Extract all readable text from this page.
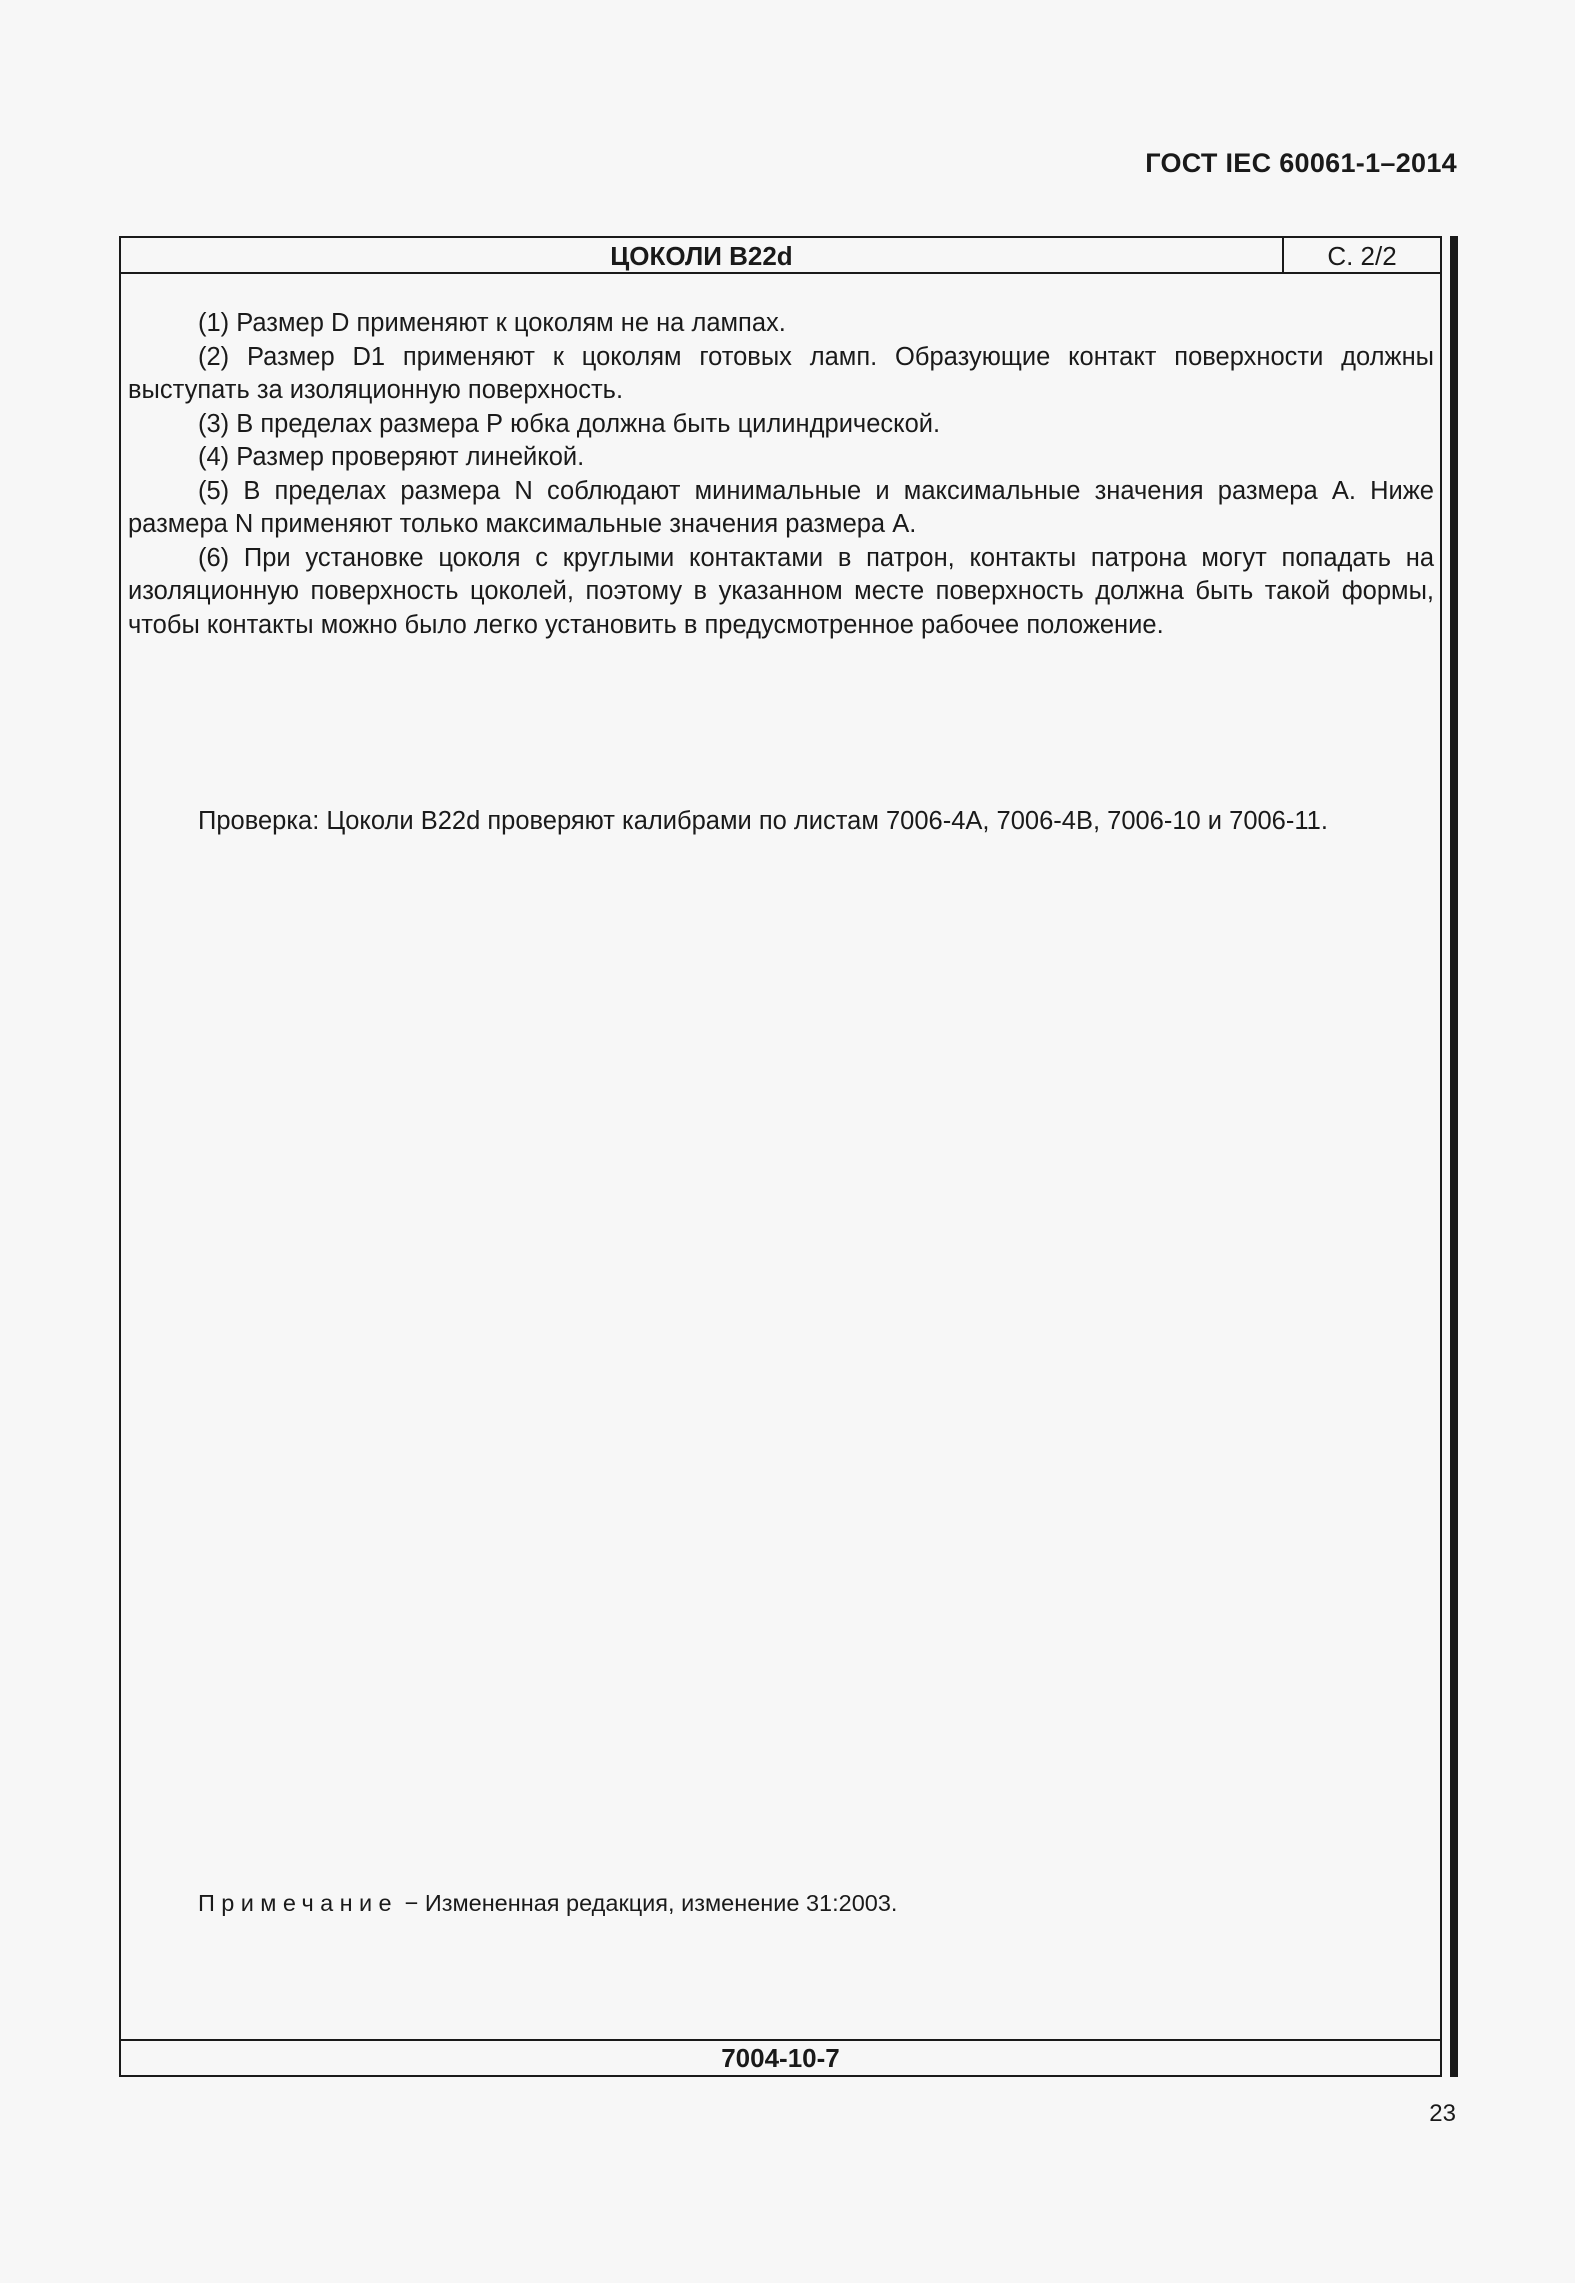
ГОСТ IEC 60061-1–2014
ЦОКОЛИ В22d	С. 2/2

(1) Размер D применяют к цоколям не на лампах.

(2) Размер D1 применяют к цоколям готовых ламп. Образующие контакт поверхности должны выступать за изоляционную поверхность.

(3) В пределах размера Р юбка должна быть цилиндрической.

(4) Размер проверяют линейкой.

(5) В пределах размера N соблюдают минимальные и максимальные значения размера А. Ниже размера N применяют только максимальные значения размера А.

(6) При установке цоколя с круглыми контактами в патрон, контакты патрона могут попадать на изоляционную поверхность цоколей, поэтому в указанном месте поверхность должна быть такой формы, чтобы контакты можно было легко установить в предусмотренное рабочее положение.

Проверка: Цоколи В22d проверяют калибрами по листам 7006-4А, 7006-4В, 7006-10 и 7006-11.
Примечание − Измененная редакция, изменение 31:2003.
7004-10-7
23
